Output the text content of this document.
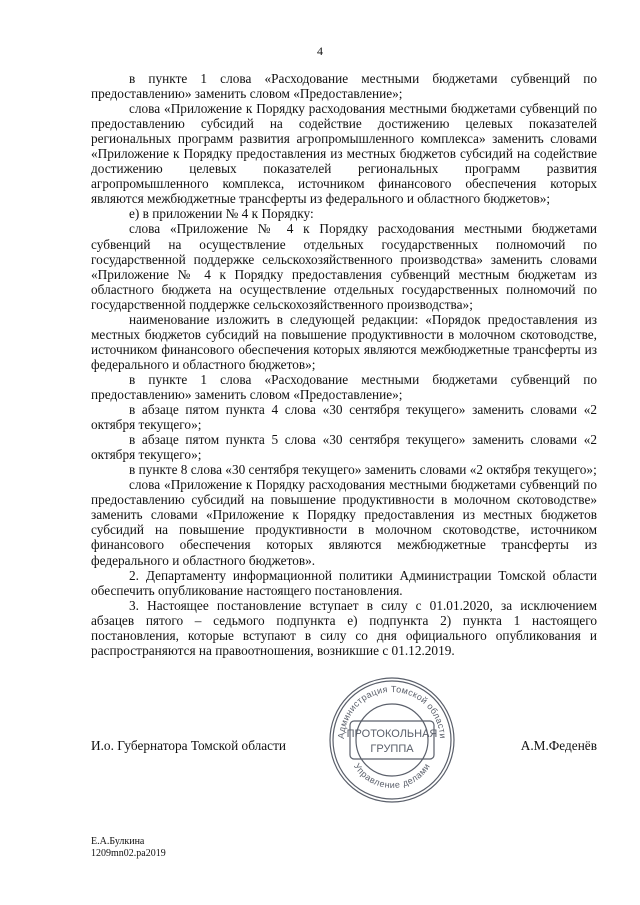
4

в пункте 1 слова «Расходование местными бюджетами субвенций по предоставлению» заменить словом «Предоставление»;

слова «Приложение к Порядку расходования местными бюджетами субвенций по предоставлению субсидий на содействие достижению целевых показателей региональных программ развития агропромышленного комплекса» заменить словами «Приложение к Порядку предоставления из местных бюджетов субсидий на содействие достижению целевых показателей региональных программ развития агропромышленного комплекса, источником финансового обеспечения которых являются межбюджетные трансферты из федерального и областного бюджетов»;

е) в приложении № 4 к Порядку:

слова «Приложение № 4 к Порядку расходования местными бюджетами субвенций на осуществление отдельных государственных полномочий по государственной поддержке сельскохозяйственного производства» заменить словами «Приложение № 4 к Порядку предоставления субвенций местным бюджетам из областного бюджета на осуществление отдельных государственных полномочий по государственной поддержке сельскохозяйственного производства»;

наименование изложить в следующей редакции: «Порядок предоставления из местных бюджетов субсидий на повышение продуктивности в молочном скотоводстве, источником финансового обеспечения которых являются межбюджетные трансферты из федерального и областного бюджетов»;

в пункте 1 слова «Расходование местными бюджетами субвенций по предоставлению» заменить словом «Предоставление»;

в абзаце пятом пункта 4 слова «30 сентября текущего» заменить словами «2 октября текущего»;

в абзаце пятом пункта 5 слова «30 сентября текущего» заменить словами «2 октября текущего»;

в пункте 8 слова «30 сентября текущего» заменить словами «2 октября текущего»;

слова «Приложение к Порядку расходования местными бюджетами субвенций по предоставлению субсидий на повышение продуктивности в молочном скотоводстве» заменить словами «Приложение к Порядку предоставления из местных бюджетов субсидий на повышение продуктивности в молочном скотоводстве, источником финансового обеспечения которых являются межбюджетные трансферты из федерального и областного бюджетов».

2. Департаменту информационной политики Администрации Томской области обеспечить опубликование настоящего постановления.

3. Настоящее постановление вступает в силу с 01.01.2020, за исключением абзацев пятого – седьмого подпункта е) подпункта 2) пункта 1 настоящего постановления, которые вступают в силу со дня официального опубликования и распространяются на правоотношения, возникшие с 01.12.2019.

И.о. Губернатора Томской области	А.М.Феденёв
Администрация Томской области
Управление делами
ПРОТОКОЛЬНАЯ
ГРУППА
Е.А.Булкина
1209mn02.pa2019
